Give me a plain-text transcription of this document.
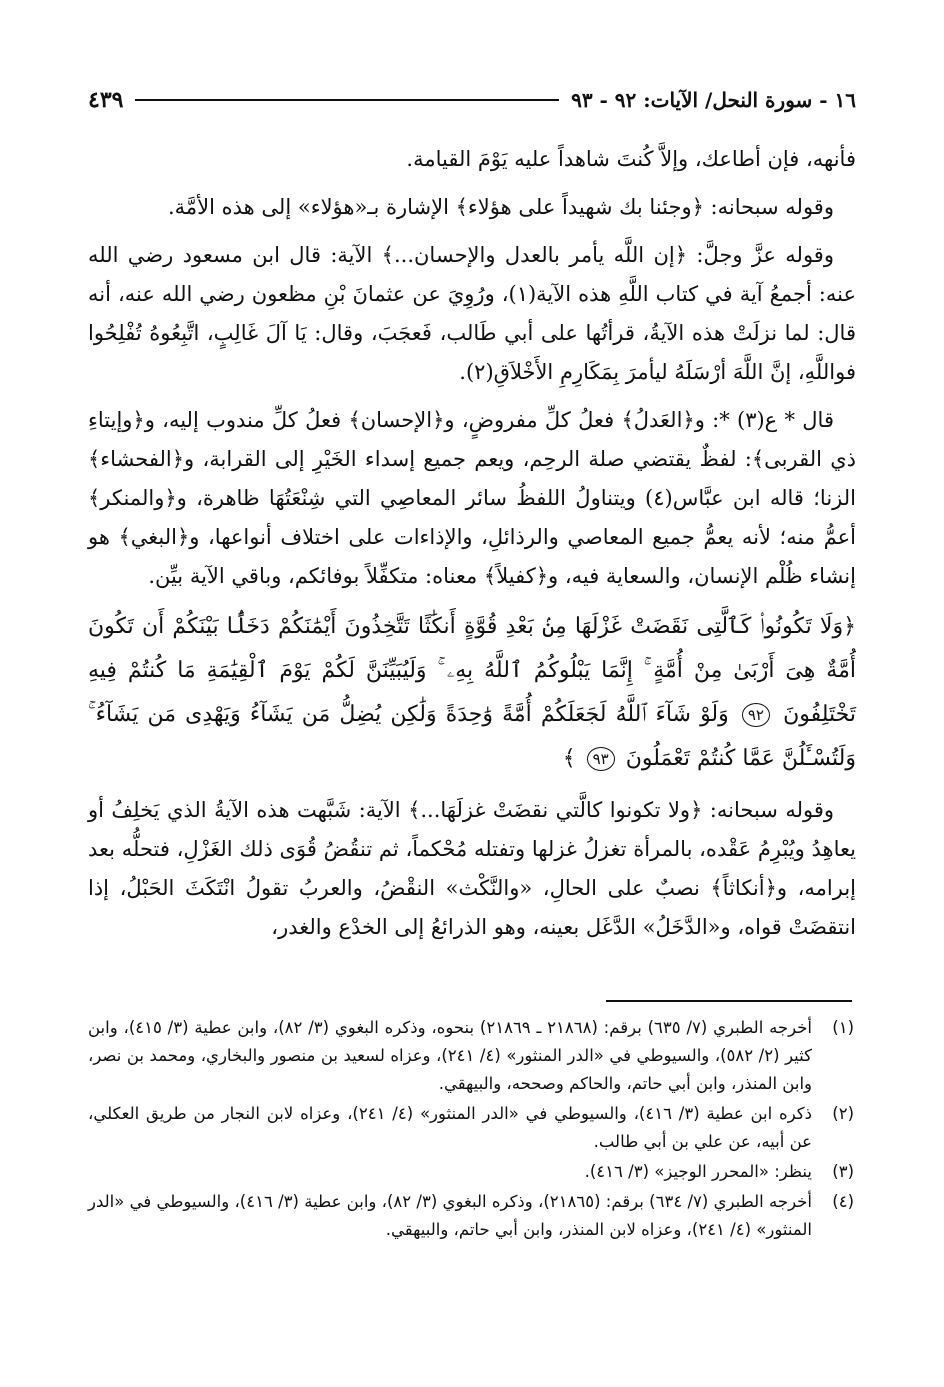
١٦ - سورة النحل/ الآيات: ٩٢ - ٩٣
٤٣٩

فأنهه، فإن أطاعك، وإلاَّ كُنتَ شاهداً عليه يَوْمَ القيامة.

وقوله سبحانه: ﴿وجئنا بك شهيداً على هؤلاء﴾ الإشارة بـ«هؤلاء» إلى هذه الأمَّة.

وقوله عزَّ وجلَّ: ﴿إن اللَّه يأمر بالعدل والإحسان...﴾ الآية: قال ابن مسعود رضي الله عنه: أجمعُ آية في كتاب اللَّهِ هذه الآية(١)، ورُوِيَ عن عثمانَ بْنِ مظعون رضي الله عنه، أنه قال: لما نزلَتْ هذه الآيةُ، قرأتُها على أبي طَالب، فَعجَبَ، وقال: يَا آلَ غَالِبٍ، اتَّبِعُوهُ تُفْلِحُوا فواللَّهِ، إنَّ اللَّهَ أرْسَلَهُ ليأمرَ بِمَكَارِمِ الأَخْلاَقِ(٢).

قال * ع(٣) *: و﴿العَدلُ﴾ فعلُ كلِّ مفروضٍ، و﴿الإحسان﴾ فعلُ كلِّ مندوب إليه، و﴿وإيتاءِ ذي القربى﴾: لفظٌ يقتضي صلة الرحِم، ويعم جميع إسداء الخَيْرِ إلى القرابة، و﴿الفحشاء﴾ الزنا؛ قاله ابن عبَّاس(٤) ويتناولُ اللفظُ سائر المعاصِي التي شِنْعَتُهَا ظاهرة، و﴿والمنكر﴾ أعمُّ منه؛ لأنه يعمُّ جميع المعاصي والرذائلِ، والإذاءات على اختلاف أنواعها، و﴿البغي﴾ هو إنشاء ظُلْم الإنسان، والسعاية فيه، و﴿كفيلاً﴾ معناه: متكفِّلاً بوفائكم، وباقي الآية بيِّن.

﴿وَلَا تَكُونُوا۟ كَٱلَّتِى نَقَضَتْ غَزْلَهَا مِنۢ بَعْدِ قُوَّةٍ أَنكَٰثًا تَتَّخِذُونَ أَيْمَٰنَكُمْ دَخَلًۢا بَيْنَكُمْ أَن تَكُونَ أُمَّةٌ هِىَ أَرْبَىٰ مِنْ أُمَّةٍ ۚ إِنَّمَا يَبْلُوكُمُ ٱللَّهُ بِهِۦ ۚ وَلَيُبَيِّنَنَّ لَكُمْ يَوْمَ ٱلْقِيَٰمَةِ مَا كُنتُمْ فِيهِ تَخْتَلِفُونَ ٩٢ وَلَوْ شَآءَ ٱللَّهُ لَجَعَلَكُمْ أُمَّةً وَٰحِدَةً وَلَٰكِن يُضِلُّ مَن يَشَآءُ وَيَهْدِى مَن يَشَآءُ ۚ وَلَتُسْـَٔلُنَّ عَمَّا كُنتُمْ تَعْمَلُونَ ٩٣ ﴾

وقوله سبحانه: ﴿ولا تكونوا كالَّتي نقضَتْ غزلَهَا...﴾ الآية: شَبَّهت هذه الآيةُ الذي يَخلِفُ أو يعاهِدُ ويُبْرِمُ عَقْده، بالمرأة تغزلُ غزلها وتفتله مُحْكماً، ثم تنقُضُ قُوَى ذلك الغَزْلِ، فتحلُّه بعد إبرامه، و﴿أنكاثاً﴾ نصبٌ على الحالِ، «والنَّكْث» النقْضُ، والعربُ تقولُ انْتَكَثَ الحَبْلُ، إذا انتقضَتْ قواه، و«الدَّخَلُ» الدَّغَل بعينه، وهو الذرائعُ إلى الخدْع والغدر،

(١)
أخرجه الطبري (٧/ ٦٣٥) برقم: (٢١٨٦٨ ـ ٢١٨٦٩) بنحوه، وذكره البغوي (٣/ ٨٢)، وابن عطية (٣/ ٤١٥)، وابن كثير (٢/ ٥٨٢)، والسيوطي في «الدر المنثور» (٤/ ٢٤١)، وعزاه لسعيد بن منصور والبخاري، ومحمد بن نصر، وابن المنذر، وابن أبي حاتم، والحاكم وصححه، والبيهقي.
(٢)
ذكره ابن عطية (٣/ ٤١٦)، والسيوطي في «الدر المنثور» (٤/ ٢٤١)، وعزاه لابن النجار من طريق العكلي، عن أبيه، عن علي بن أبي طالب.
(٣)
ينظر: «المحرر الوجيز» (٣/ ٤١٦).
(٤)
أخرجه الطبري (٧/ ٦٣٤) برقم: (٢١٨٦٥)، وذكره البغوي (٣/ ٨٢)، وابن عطية (٣/ ٤١٦)، والسيوطي في «الدر المنثور» (٤/ ٢٤١)، وعزاه لابن المنذر، وابن أبي حاتم، والبيهقي.
